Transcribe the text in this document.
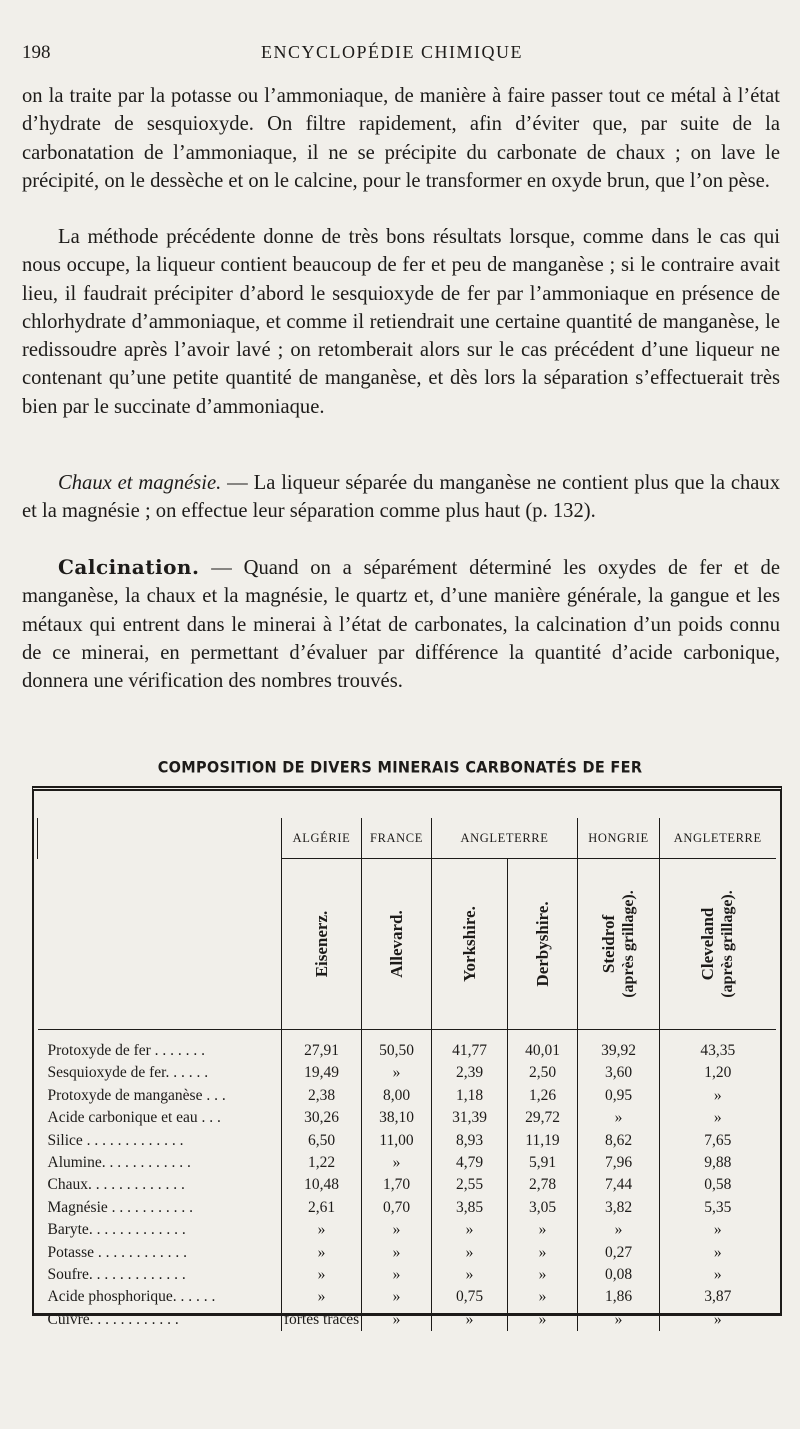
198	ENCYCLOPÉDIE CHIMIQUE

on la traite par la potasse ou l’ammoniaque, de manière à faire passer tout ce métal à l’état d’hydrate de sesquioxyde. On filtre rapidement, afin d’éviter que, par suite de la carbonatation de l’ammoniaque, il ne se précipite du carbonate de chaux ; on lave le précipité, on le dessèche et on le calcine, pour le transformer en oxyde brun, que l’on pèse.

La méthode précédente donne de très bons résultats lorsque, comme dans le cas qui nous occupe, la liqueur contient beaucoup de fer et peu de manganèse ; si le contraire avait lieu, il faudrait précipiter d’abord le sesquioxyde de fer par l’ammoniaque en présence de chlorhydrate d’ammoniaque, et comme il retiendrait une certaine quantité de manganèse, le redissoudre après l’avoir lavé ; on retomberait alors sur le cas précédent d’une liqueur ne contenant qu’une petite quantité de manganèse, et dès lors la séparation s’effectuerait très bien par le succinate d’ammoniaque.

Chaux et magnésie. — La liqueur séparée du manganèse ne contient plus que la chaux et la magnésie ; on effectue leur séparation comme plus haut (p. 132).

Calcination. — Quand on a séparément déterminé les oxydes de fer et de manganèse, la chaux et la magnésie, le quartz et, d’une manière générale, la gangue et les métaux qui entrent dans le minerai à l’état de carbonates, la calcination d’un poids connu de ce minerai, en permettant d’évaluer par différence la quantité d’acide carbonique, donnera une vérification des nombres trouvés.

COMPOSITION DE DIVERS MINERAIS CARBONATÉS DE FER
	ALGÉRIE	FRANCE	ANGLETERRE		HONGRIE	ANGLETERRE

	Eisenerz.	Allevard.	Yorkshire.	Derbyshire.	Steidrof (après grillage).	Cleveland (après grillage).

Protoxyde de fer . . . . . . .	27,91	50,50	41,77	40,01	39,92	43,35
Sesquioxyde de fer. . . . . .	19,49	»	2,39	2,50	3,60	1,20
Protoxyde de manganèse . . .	2,38	8,00	1,18	1,26	0,95	»
Acide carbonique et eau . . .	30,26	38,10	31,39	29,72	»	»
Silice . . . . . . . . . . . . .	6,50	11,00	8,93	11,19	8,62	7,65
Alumine. . . . . . . . . . . .	1,22	»	4,79	5,91	7,96	9,88
Chaux. . . . . . . . . . . . .	10,48	1,70	2,55	2,78	7,44	0,58
Magnésie . . . . . . . . . . .	2,61	0,70	3,85	3,05	3,82	5,35
Baryte. . . . . . . . . . . . .	»	»	»	»	»	»
Potasse . . . . . . . . . . . .	»	»	»	»	0,27	»
Soufre. . . . . . . . . . . . .	»	»	»	»	0,08	»
Acide phosphorique. . . . . .	»	»	0,75	»	1,86	3,87
Cuivre. . . . . . . . . . . .	fortes traces	»	»	»	»	»
